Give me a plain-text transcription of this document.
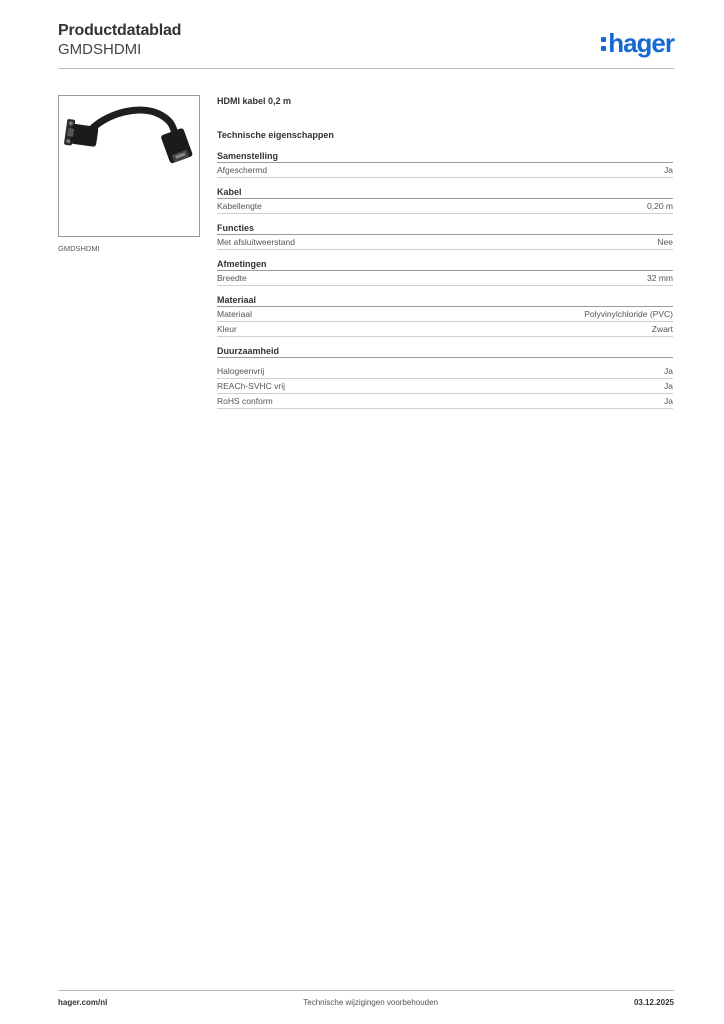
Productdatablad
GMDSHDMI	hager
GMDSHDMI
HDMI kabel 0,2 m
Technische eigenschappen
Samenstelling
Afgeschermd	Ja
Kabel
Kabellengte	0,20 m
Functies
Met afsluitweerstand	Nee
Afmetingen
Breedte	32 mm
Materiaal
Materiaal	Polyvinylchloride (PVC)
Kleur	Zwart
Duurzaamheid
Halogeenvrij	Ja
REACh-SVHC vrij	Ja
RoHS conform	Ja
hager.com/nl	Technische wijzigingen voorbehouden	03.12.2025
